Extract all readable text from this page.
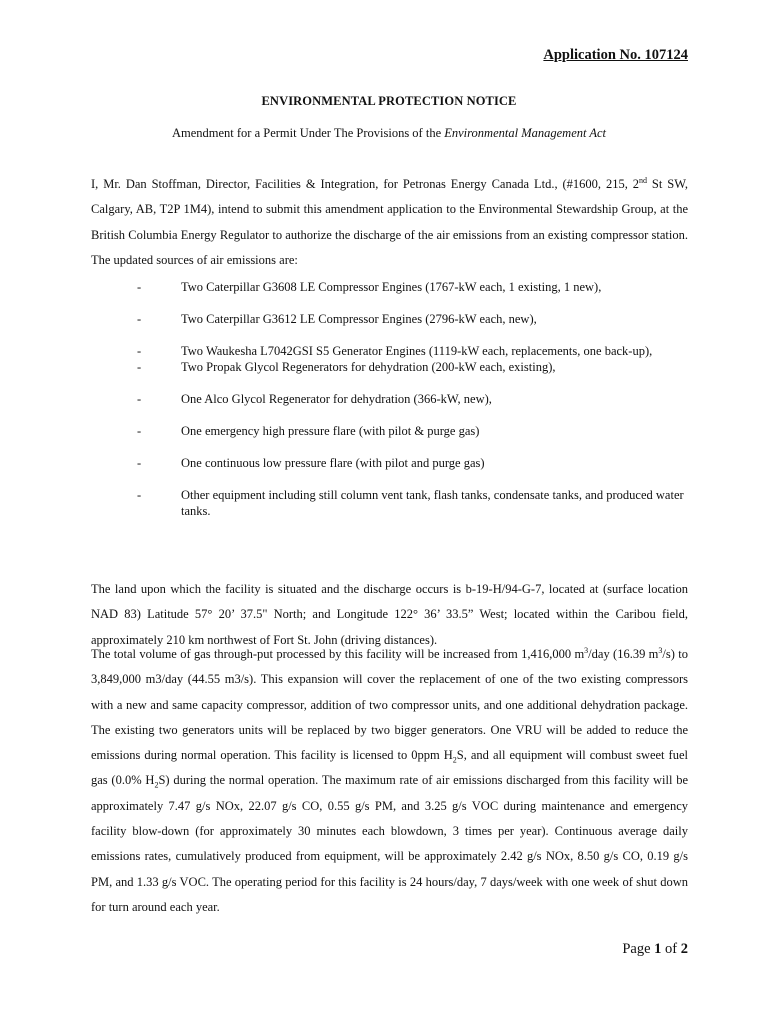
Application No. 107124
ENVIRONMENTAL PROTECTION NOTICE
Amendment for a Permit Under The Provisions of the Environmental Management Act

I, Mr. Dan Stoffman, Director, Facilities & Integration, for Petronas Energy Canada Ltd., (#1600, 215, 2nd St SW, Calgary, AB, T2P 1M4), intend to submit this amendment application to the Environmental Stewardship Group, at the British Columbia Energy Regulator to authorize the discharge of the air emissions from an existing compressor station. The updated sources of air emissions are:

-	Two Caterpillar G3608 LE Compressor Engines (1767-kW each, 1 existing, 1 new),
-	Two Caterpillar G3612 LE Compressor Engines (2796-kW each, new),
-	Two Waukesha L7042GSI S5 Generator Engines (1119-kW each, replacements, one back-up),
-	Two Propak Glycol Regenerators for dehydration (200-kW each, existing),
-	One Alco Glycol Regenerator for dehydration (366-kW, new),
-	One emergency high pressure flare (with pilot & purge gas)
-	One continuous low pressure flare (with pilot and purge gas)
-	Other equipment including still column vent tank, flash tanks, condensate tanks, and produced water tanks.

The land upon which the facility is situated and the discharge occurs is b-19-H/94-G-7, located at (surface location NAD 83) Latitude 57° 20’ 37.5" North; and Longitude 122° 36’ 33.5” West; located within the Caribou field, approximately 210 km northwest of Fort St. John (driving distances).

The total volume of gas through-put processed by this facility will be increased from 1,416,000 $m^3$/day (16.39 $m^3/s$) to 3,849,000 m3/day (44.55 m3/s). This expansion will cover the replacement of one of the two existing compressors with a new and same capacity compressor, addition of two compressor units, and one additional dehydration package. The existing two generators units will be replaced by two bigger generators. One VRU will be added to reduce the emissions during normal operation. This facility is licensed to 0ppm $H_2S$, and all equipment will combust sweet fuel gas (0.0% $H_2S$) during the normal operation. The maximum rate of air emissions discharged from this facility will be approximately 7.47 g/s NOx, 22.07 g/s CO, 0.55 g/s PM, and 3.25 g/s VOC during maintenance and emergency facility blow-down (for approximately 30 minutes each blowdown, 3 times per year). Continuous average daily emissions rates, cumulatively produced from equipment, will be approximately 2.42 g/s NOx, 8.50 g/s CO, 0.19 g/s PM, and 1.33 g/s VOC. The operating period for this facility is 24 hours/day, 7 days/week with one week of shut down for turn around each year.

Page 1 of 2
